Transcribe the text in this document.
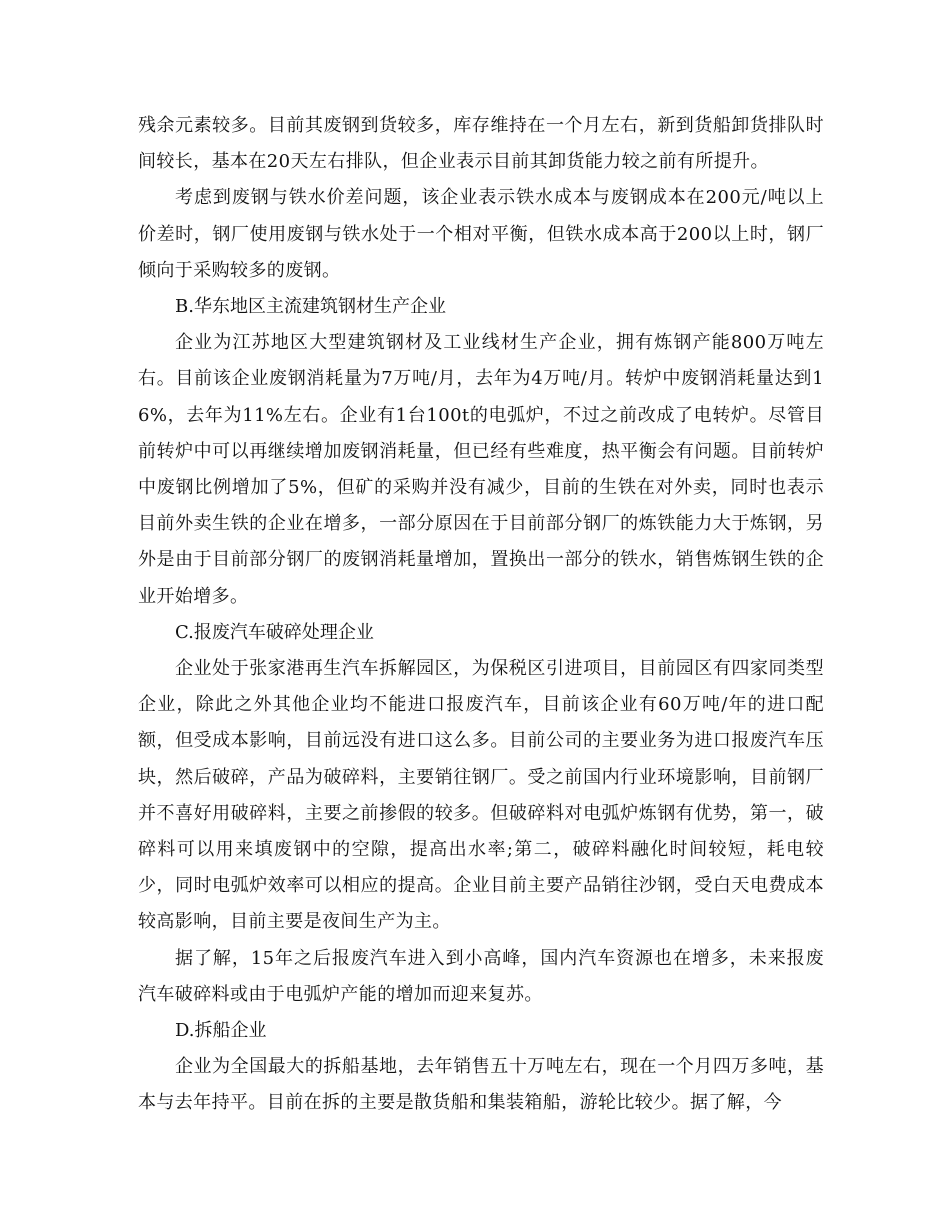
残余元素较多。目前其废钢到货较多，库存维持在一个月左右，新到货船卸货排队时间较长，基本在20天左右排队，但企业表示目前其卸货能力较之前有所提升。

考虑到废钢与铁水价差问题，该企业表示铁水成本与废钢成本在200元/吨以上价差时，钢厂使用废钢与铁水处于一个相对平衡，但铁水成本高于200以上时，钢厂倾向于采购较多的废钢。

B.华东地区主流建筑钢材生产企业

企业为江苏地区大型建筑钢材及工业线材生产企业，拥有炼钢产能800万吨左右。目前该企业废钢消耗量为7万吨/月，去年为4万吨/月。转炉中废钢消耗量达到16%，去年为11%左右。企业有1台100t的电弧炉，不过之前改成了电转炉。尽管目前转炉中可以再继续增加废钢消耗量，但已经有些难度，热平衡会有问题。目前转炉中废钢比例增加了5%，但矿的采购并没有减少，目前的生铁在对外卖，同时也表示目前外卖生铁的企业在增多，一部分原因在于目前部分钢厂的炼铁能力大于炼钢，另外是由于目前部分钢厂的废钢消耗量增加，置换出一部分的铁水，销售炼钢生铁的企业开始增多。

C.报废汽车破碎处理企业

企业处于张家港再生汽车拆解园区，为保税区引进项目，目前园区有四家同类型企业，除此之外其他企业均不能进口报废汽车，目前该企业有60万吨/年的进口配额，但受成本影响，目前远没有进口这么多。目前公司的主要业务为进口报废汽车压块，然后破碎，产品为破碎料，主要销往钢厂。受之前国内行业环境影响，目前钢厂并不喜好用破碎料，主要之前掺假的较多。但破碎料对电弧炉炼钢有优势，第一，破碎料可以用来填废钢中的空隙，提高出水率;第二，破碎料融化时间较短，耗电较少，同时电弧炉效率可以相应的提高。企业目前主要产品销往沙钢，受白天电费成本较高影响，目前主要是夜间生产为主。

据了解，15年之后报废汽车进入到小高峰，国内汽车资源也在增多，未来报废汽车破碎料或由于电弧炉产能的增加而迎来复苏。

D.拆船企业

企业为全国最大的拆船基地，去年销售五十万吨左右，现在一个月四万多吨，基本与去年持平。目前在拆的主要是散货船和集装箱船，游轮比较少。据了解，今
